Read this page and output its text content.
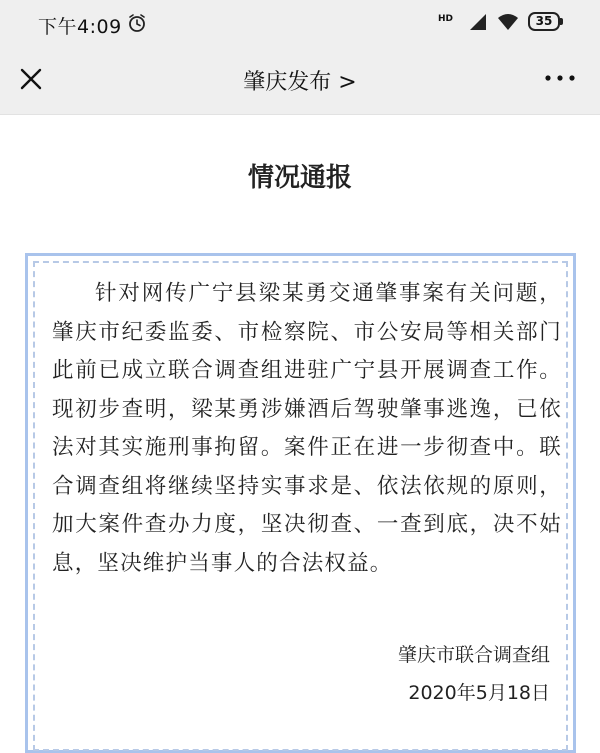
下午4:09	HD	35
肇庆发布 >
情况通报

针对网传广宁县梁某勇交通肇事案有关问题，肇庆市纪委监委、市检察院、市公安局等相关部门此前已成立联合调查组进驻广宁县开展调查工作。现初步查明，梁某勇涉嫌酒后驾驶肇事逃逸，已依法对其实施刑事拘留。案件正在进一步彻查中。联合调查组将继续坚持实事求是、依法依规的原则，加大案件查办力度，坚决彻查、一查到底，决不姑息，坚决维护当事人的合法权益。

肇庆市联合调查组
2020年5月18日
